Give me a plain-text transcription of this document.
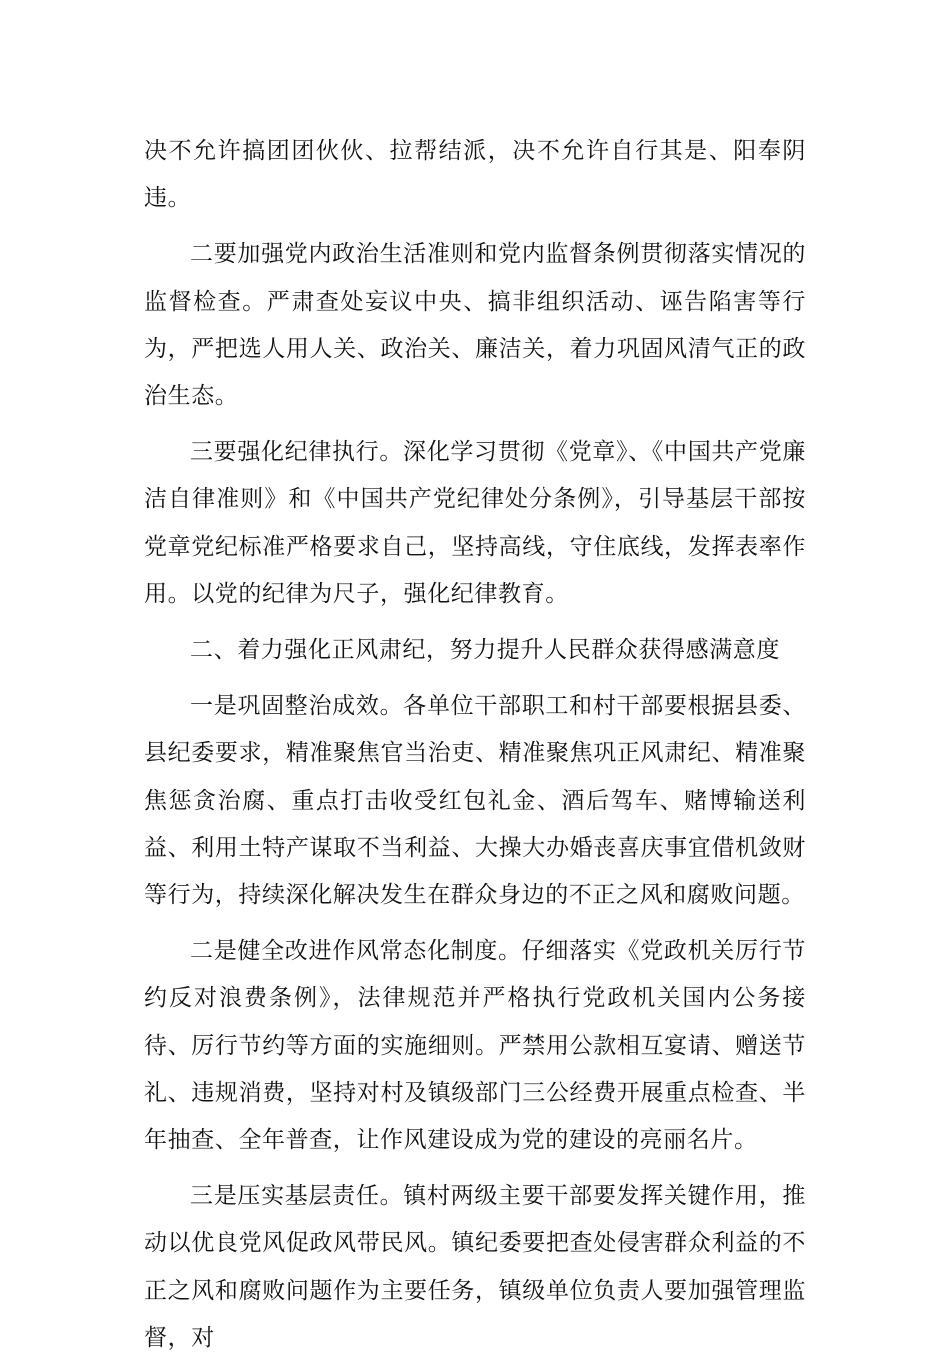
决不允许搞团团伙伙、拉帮结派，决不允许自行其是、阳奉阴违。

二要加强党内政治生活准则和党内监督条例贯彻落实情况的监督检查。严肃查处妄议中央、搞非组织活动、诬告陷害等行为，严把选人用人关、政治关、廉洁关，着力巩固风清气正的政治生态。

三要强化纪律执行。深化学习贯彻《党章》、《中国共产党廉洁自律准则》和《中国共产党纪律处分条例》，引导基层干部按党章党纪标准严格要求自己，坚持高线，守住底线，发挥表率作用。以党的纪律为尺子，强化纪律教育。

二、着力强化正风肃纪，努力提升人民群众获得感满意度

一是巩固整治成效。各单位干部职工和村干部要根据县委、县纪委要求，精准聚焦官当治吏、精准聚焦巩正风肃纪、精准聚焦惩贪治腐、重点打击收受红包礼金、酒后驾车、赌博输送利益、利用土特产谋取不当利益、大操大办婚丧喜庆事宜借机敛财等行为，持续深化解决发生在群众身边的不正之风和腐败问题。

二是健全改进作风常态化制度。仔细落实《党政机关厉行节约反对浪费条例》，法律规范并严格执行党政机关国内公务接待、厉行节约等方面的实施细则。严禁用公款相互宴请、赠送节礼、违规消费，坚持对村及镇级部门三公经费开展重点检查、半年抽查、全年普查，让作风建设成为党的建设的亮丽名片。

三是压实基层责任。镇村两级主要干部要发挥关键作用，推动以优良党风促政风带民风。镇纪委要把查处侵害群众利益的不正之风和腐败问题作为主要任务，镇级单位负责人要加强管理监督，对
